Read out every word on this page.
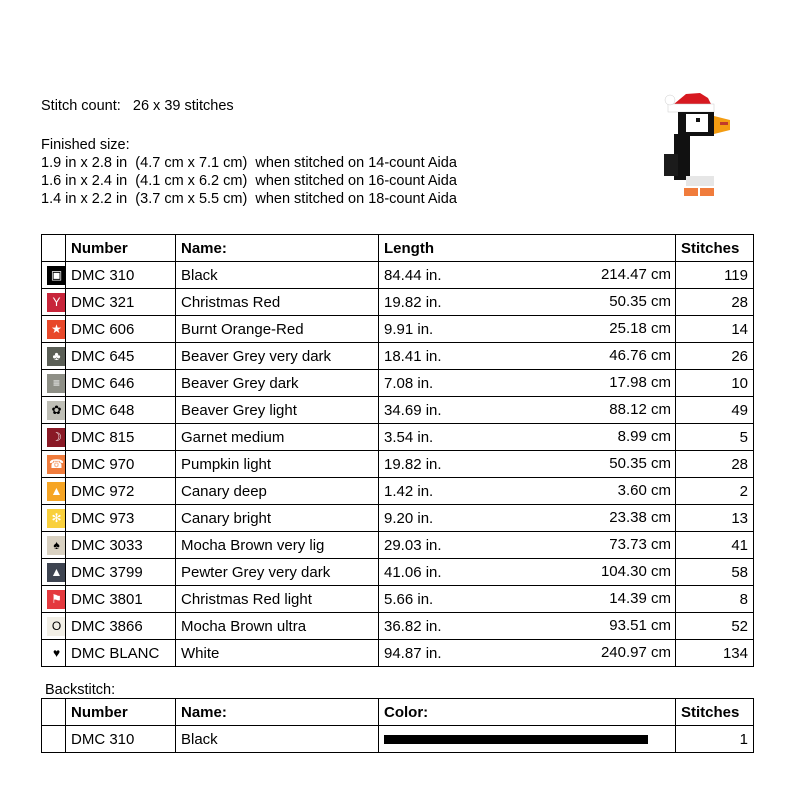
Stitch count: 26 x 39 stitches
Finished size:
1.9 in x 2.8 in  (4.7 cm x 7.1 cm)  when stitched on 14-count Aida
1.6 in x 2.4 in  (4.1 cm x 6.2 cm)  when stitched on 16-count Aida
1.4 in x 2.2 in  (3.7 cm x 5.5 cm)  when stitched on 18-count Aida
	Number	Name:	Length	Stitches
▣	DMC 310	Black	84.44 in. 214.47 cm	119
Y	DMC 321	Christmas Red	19.82 in. 50.35 cm	28
★	DMC 606	Burnt Orange-Red	9.91 in. 25.18 cm	14
♣	DMC 645	Beaver Grey very dark	18.41 in. 46.76 cm	26
≡	DMC 646	Beaver Grey dark	7.08 in. 17.98 cm	10
✿	DMC 648	Beaver Grey light	34.69 in. 88.12 cm	49
☽	DMC 815	Garnet medium	3.54 in. 8.99 cm	5
☎	DMC 970	Pumpkin light	19.82 in. 50.35 cm	28
▲	DMC 972	Canary deep	1.42 in. 3.60 cm	2
✻	DMC 973	Canary bright	9.20 in. 23.38 cm	13
♠	DMC 3033	Mocha Brown very lig	29.03 in. 73.73 cm	41
▲	DMC 3799	Pewter Grey very dark	41.06 in. 104.30 cm	58
⚑	DMC 3801	Christmas Red light	5.66 in. 14.39 cm	8
O	DMC 3866	Mocha Brown ultra	36.82 in. 93.51 cm	52
♥	DMC BLANC	White	94.87 in. 240.97 cm	134
Backstitch:
	Number	Name:	Color:	Stitches
	DMC 310	Black		1
